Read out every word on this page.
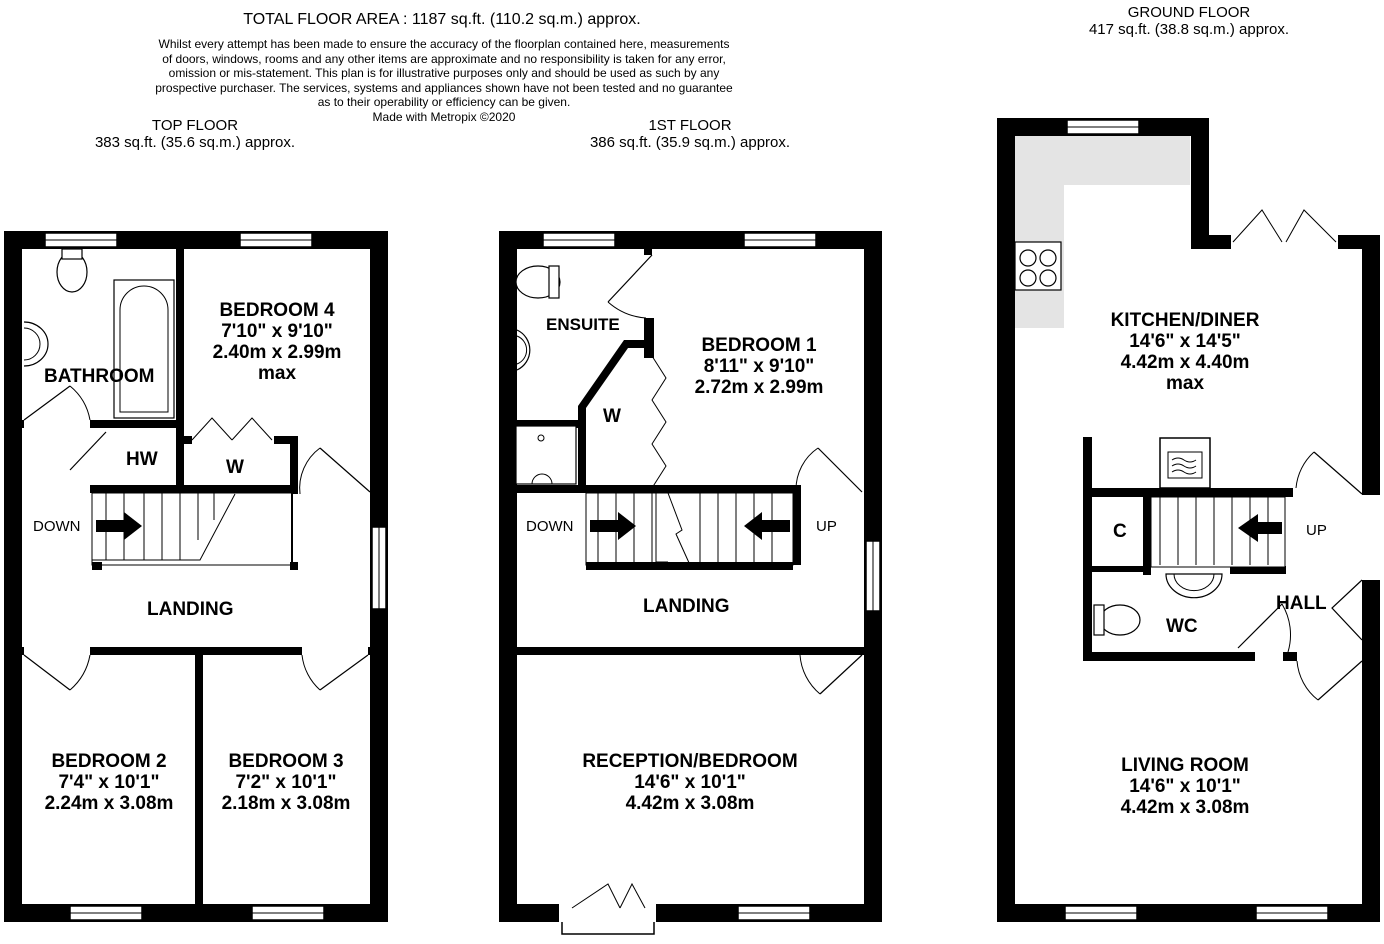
TOTAL FLOOR AREA : 1187 sq.ft. (110.2 sq.m.) approx.
Whilst every attempt has been made to ensure the accuracy of the floorplan contained here, measurements
of doors, windows, rooms and any other items are approximate and no responsibility is taken for any error,
omission or mis-statement. This plan is for illustrative purposes only and should be used as such by any
prospective purchaser. The services, systems and appliances shown have not been tested and no guarantee
as to their operability or efficiency can be given.
Made with Metropix ©2020
TOP FLOOR
383 sq.ft. (35.6 sq.m.) approx.
1ST FLOOR
386 sq.ft. (35.9 sq.m.) approx.
GROUND FLOOR
417 sq.ft. (38.8 sq.m.) approx.
BATHROOM
BEDROOM 4
7'10" x 9'10"
2.40m x 2.99m
max
HW	W
DOWN
LANDING
BEDROOM 2
7'4" x 10'1"
2.24m x 3.08m
BEDROOM 3
7'2" x 10'1"
2.18m x 3.08m
ENSUITE
BEDROOM 1
8'11" x 9'10"
2.72m x 2.99m
W
DOWN	UP
LANDING
RECEPTION/BEDROOM
14'6" x 10'1"
4.42m x 3.08m
KITCHEN/DINER
14'6" x 14'5"
4.42m x 4.40m
max
C	UP
HALL
WC
LIVING ROOM
14'6" x 10'1"
4.42m x 3.08m
